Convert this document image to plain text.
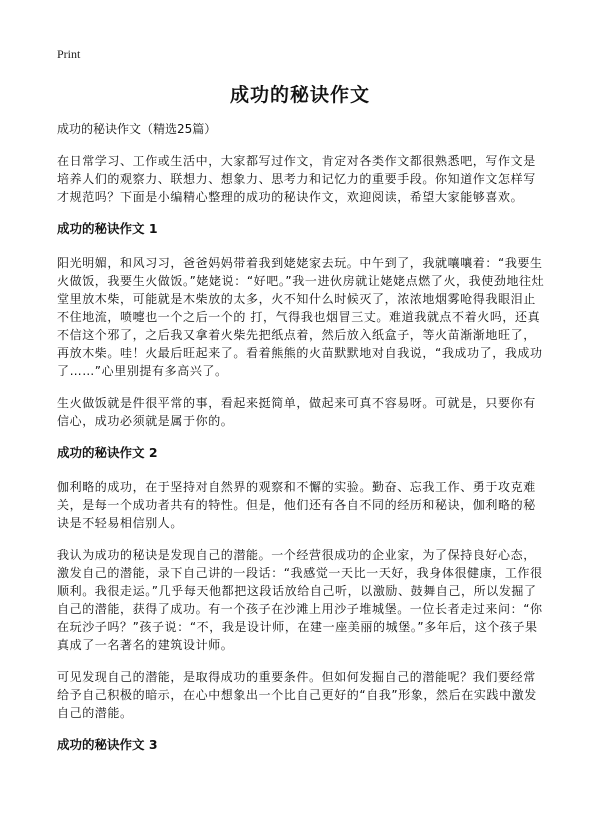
Print
成功的秘诀作文

成功的秘诀作文（精选25篇）

在日常学习、工作或生活中，大家都写过作文，肯定对各类作文都很熟悉吧，写作文是培养人们的观察力、联想力、想象力、思考力和记忆力的重要手段。你知道作文怎样写才规范吗？下面是小编精心整理的成功的秘诀作文，欢迎阅读，希望大家能够喜欢。

成功的秘诀作文 1

阳光明媚，和风习习，爸爸妈妈带着我到姥姥家去玩。中午到了，我就嚷嚷着：“我要生火做饭，我要生火做饭。”姥姥说：“好吧。”我一进伙房就让姥姥点燃了火，我使劲地往灶堂里放木柴，可能就是木柴放的太多，火不知什么时候灭了，浓浓地烟雾呛得我眼泪止不住地流，喷嚏也一个之后一个的 打，气得我也烟冒三丈。难道我就点不着火吗，还真不信这个邪了，之后我又拿着火柴先把纸点着，然后放入纸盒子，等火苗渐渐地旺了，再放木柴。哇！火最后旺起来了。看着熊熊的火苗默默地对自我说，“我成功了，我成功了……”心里别提有多高兴了。

生火做饭就是件很平常的事，看起来挺简单，做起来可真不容易呀。可就是，只要你有信心，成功必须就是属于你的。

成功的秘诀作文 2

伽利略的成功，在于坚持对自然界的观察和不懈的实验。勤奋、忘我工作、勇于攻克难关，是每一个成功者共有的特性。但是，他们还有各自不同的经历和秘诀，伽利略的秘诀是不轻易相信别人。

我认为成功的秘诀是发现自己的潜能。一个经营很成功的企业家，为了保持良好心态，激发自己的潜能，录下自己讲的一段话：“我感觉一天比一天好，我身体很健康，工作很顺利。我很走运。”几乎每天他都把这段话放给自己听，以激励、鼓舞自己，所以发掘了自己的潜能，获得了成功。有一个孩子在沙滩上用沙子堆城堡。一位长者走过来问：“你在玩沙子吗？”孩子说：“不，我是设计师，在建一座美丽的城堡。”多年后，这个孩子果真成了一名著名的建筑设计师。

可见发现自己的潜能，是取得成功的重要条件。但如何发掘自己的潜能呢？我们要经常给予自己积极的暗示，在心中想象出一个比自己更好的“自我”形象，然后在实践中激发自己的潜能。

成功的秘诀作文 3
